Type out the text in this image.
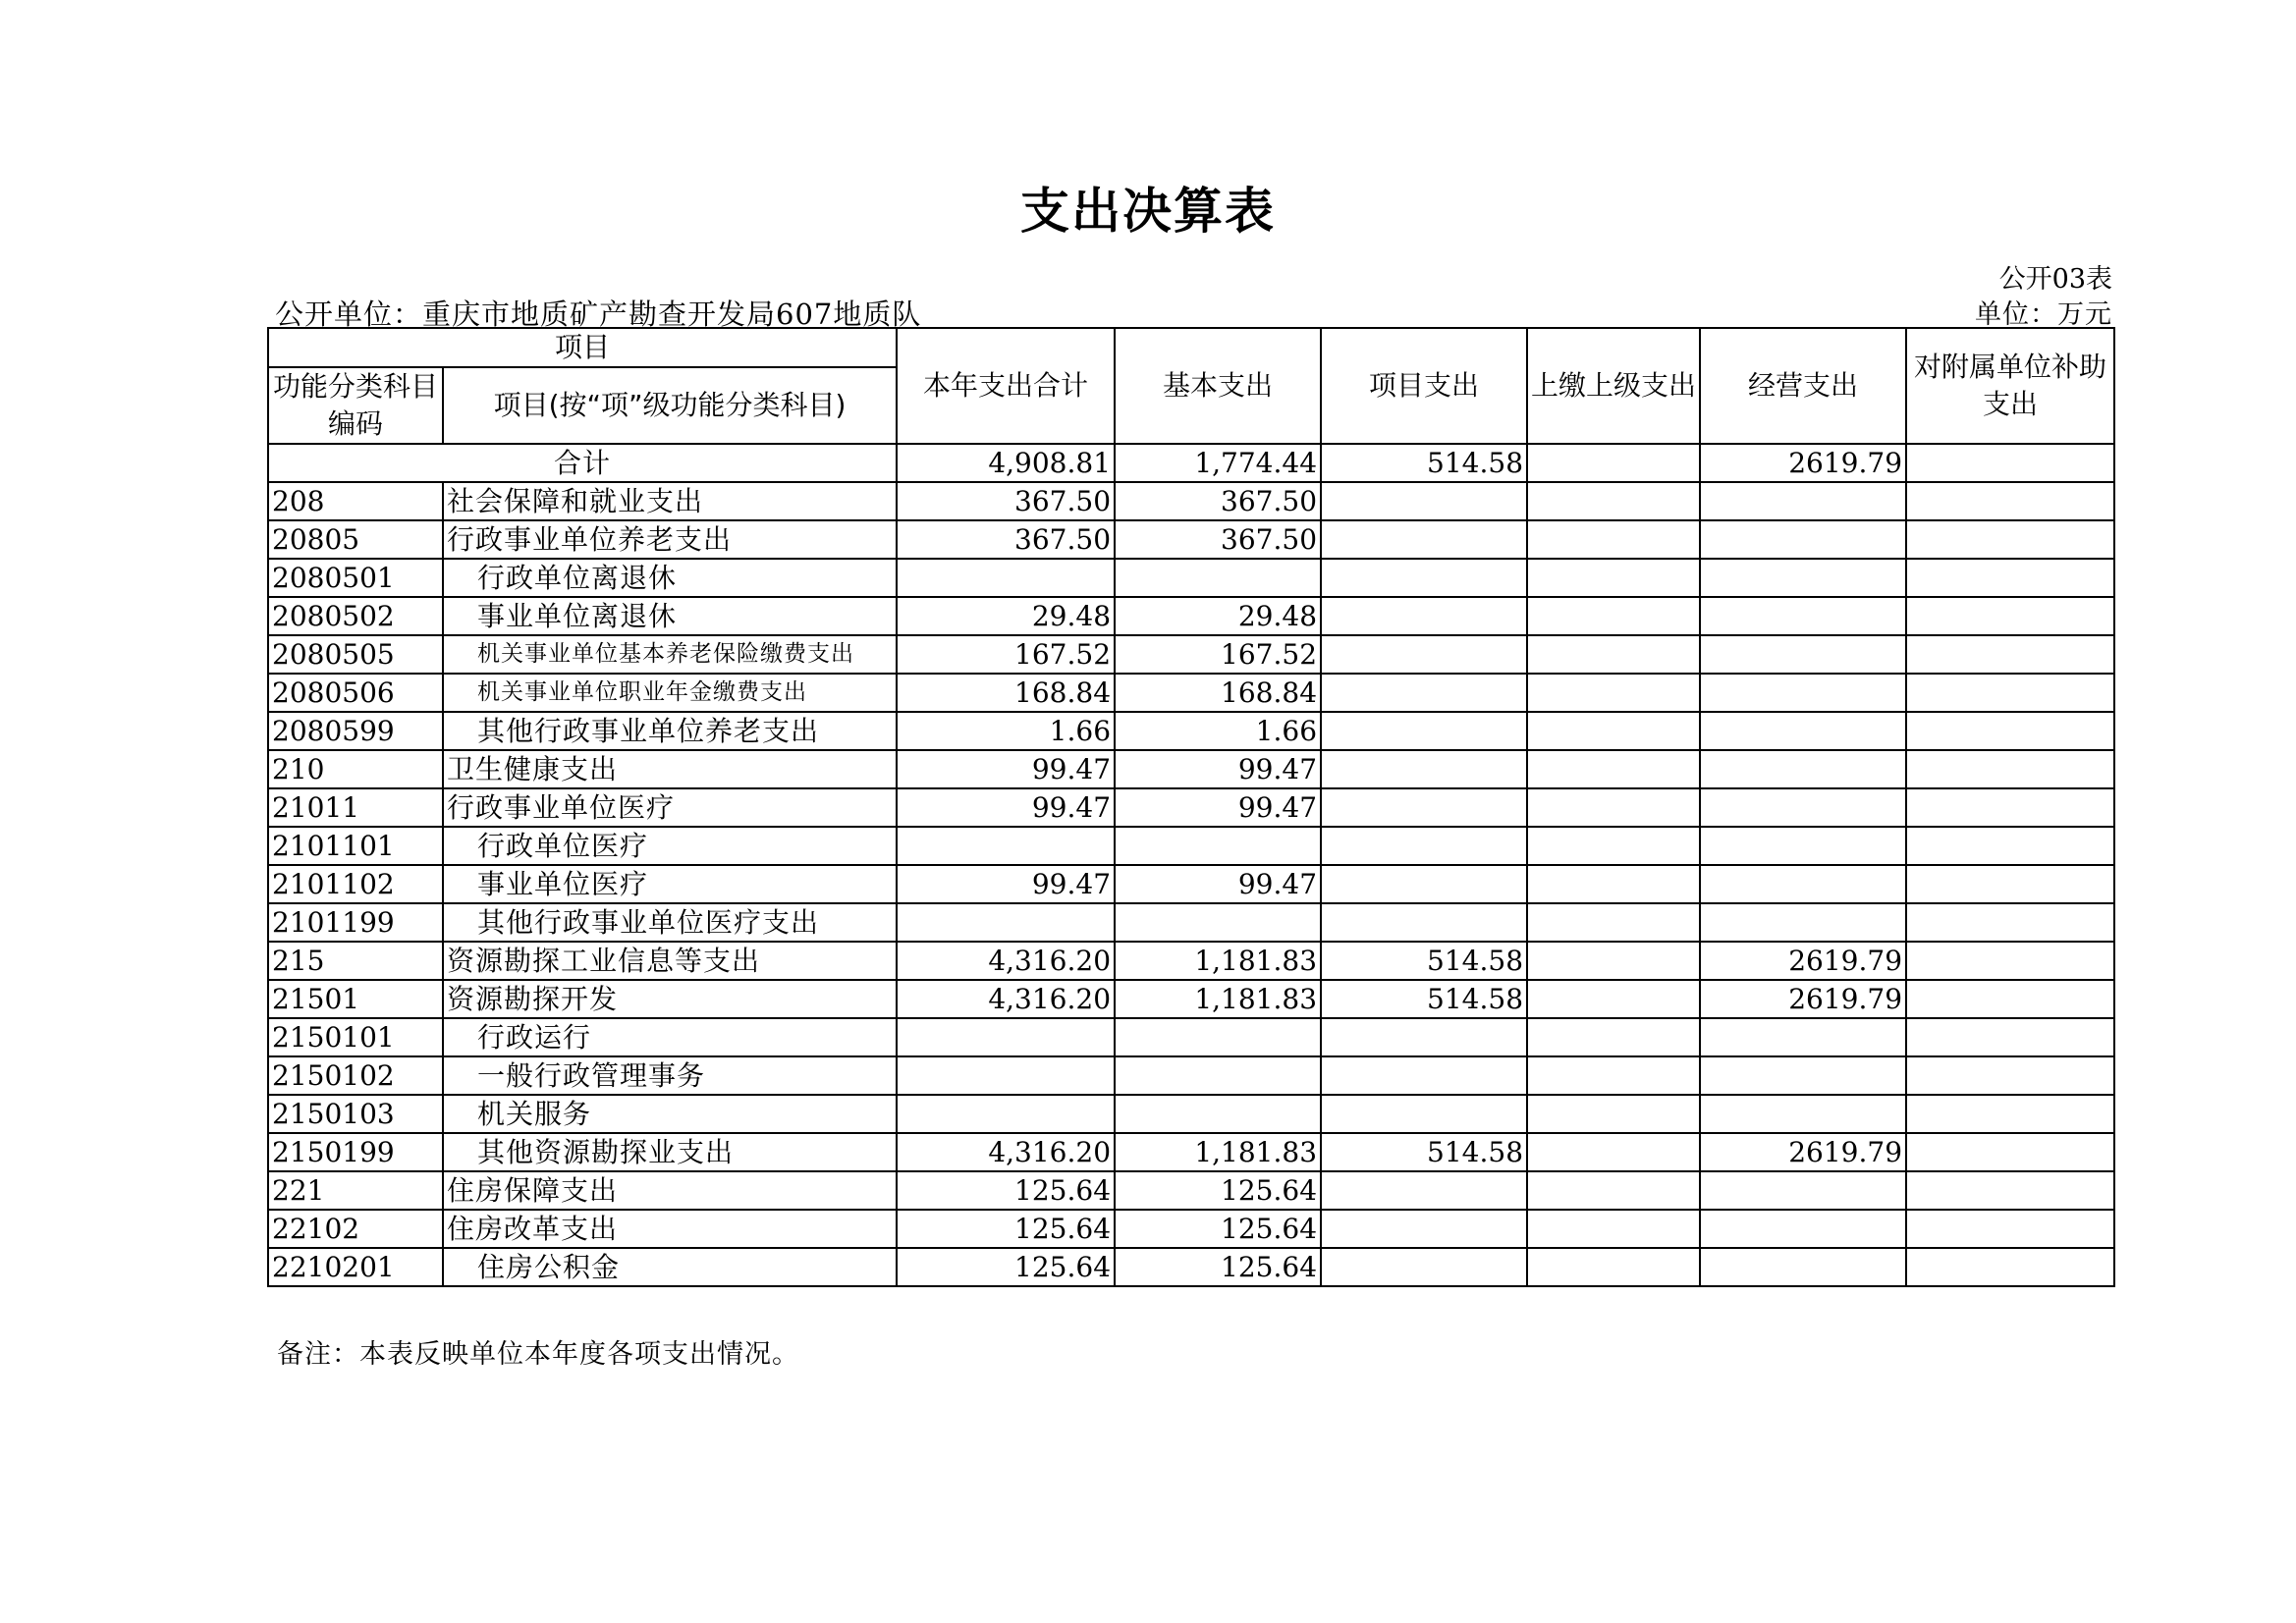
支出决算表
公开03表
公开单位：重庆市地质矿产勘查开发局607地质队	单位：万元
项目		本年支出合计	基本支出	项目支出	上缴上级支出	经营支出	对附属单位补助支出
功能分类科目编码	项目(按“项”级功能分类科目)						
合计		4,908.81	1,774.44	514.58		2619.79	
208	社会保障和就业支出	367.50	367.50				
20805	行政事业单位养老支出	367.50	367.50				
2080501	行政单位离退休						
2080502	事业单位离退休	29.48	29.48				
2080505	机关事业单位基本养老保险缴费支出	167.52	167.52				
2080506	机关事业单位职业年金缴费支出	168.84	168.84				
2080599	其他行政事业单位养老支出	1.66	1.66				
210	卫生健康支出	99.47	99.47				
21011	行政事业单位医疗	99.47	99.47				
2101101	行政单位医疗						
2101102	事业单位医疗	99.47	99.47				
2101199	其他行政事业单位医疗支出						
215	资源勘探工业信息等支出	4,316.20	1,181.83	514.58		2619.79	
21501	资源勘探开发	4,316.20	1,181.83	514.58		2619.79	
2150101	行政运行						
2150102	一般行政管理事务						
2150103	机关服务						
2150199	其他资源勘探业支出	4,316.20	1,181.83	514.58		2619.79	
221	住房保障支出	125.64	125.64				
22102	住房改革支出	125.64	125.64				
2210201	住房公积金	125.64	125.64				
备注：本表反映单位本年度各项支出情况。
